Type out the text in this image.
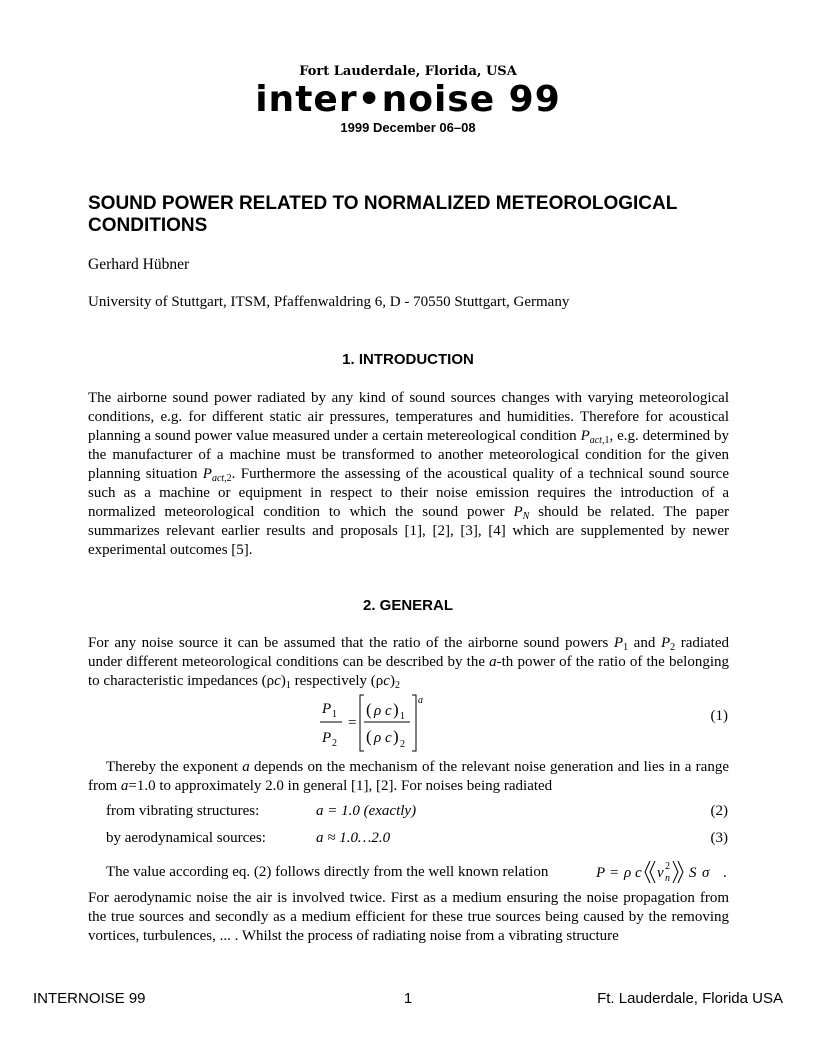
Fort Lauderdale, Florida, USA
inter•noise 99
1999 December 06–08
SOUND POWER RELATED TO NORMALIZED METEOROLOGICAL CONDITIONS
Gerhard Hübner
University of Stuttgart, ITSM, Pfaffenwaldring 6, D - 70550 Stuttgart, Germany
1. INTRODUCTION
The airborne sound power radiated by any kind of sound sources changes with varying meteorological conditions, e.g. for different static air pressures, temperatures and humidities. Therefore for acoustical planning a sound power value measured under a certain metereological condition $P_{act,1}$, e.g. determined by the manufacturer of a machine must be transformed to another meteorological condition for the given planning situation $P_{act,2}$. Furthermore the assessing of the acoustical quality of a technical sound source such as a machine or equipment in respect to their noise emission requires the introduction of a normalized meteorological condition to which the sound power $P_N$ should be related. The paper summarizes relevant earlier results and proposals [1], [2], [3], [4] which are supplemented by newer experimental outcomes [5].
2. GENERAL
For any noise source it can be assumed that the ratio of the airborne sound powers $P_1$ and $P_2$ radiated under different meteorological conditions can be described by the a-th power of the ratio of the belonging to characteristic impedances $(\rho c)_1$ respectively $(\rho c)_2$
P 1
P 2
=
a
( ρ c ) 1
( ρ c ) 2
(1)
Thereby the exponent a depends on the mechanism of the relevant noise generation and lies in a range from a=1.0 to approximately 2.0 in general [1], [2]. For noises being radiated
from vibrating structures:	a = 1.0 (exactly)	(2)
by aerodynamical sources:	a ≈ 1.0…2.0	(3)
The value according eq. (2) follows directly from the well known relation	P = ρ c v 2
n S σ .
For aerodynamic noise the air is involved twice. First as a medium ensuring the noise propagation from the true sources and secondly as a medium efficient for these true sources being caused by the removing vortices, turbulences, ... . Whilst the process of radiating noise from a vibrating structure
INTERNOISE 99	1	Ft. Lauderdale, Florida USA
